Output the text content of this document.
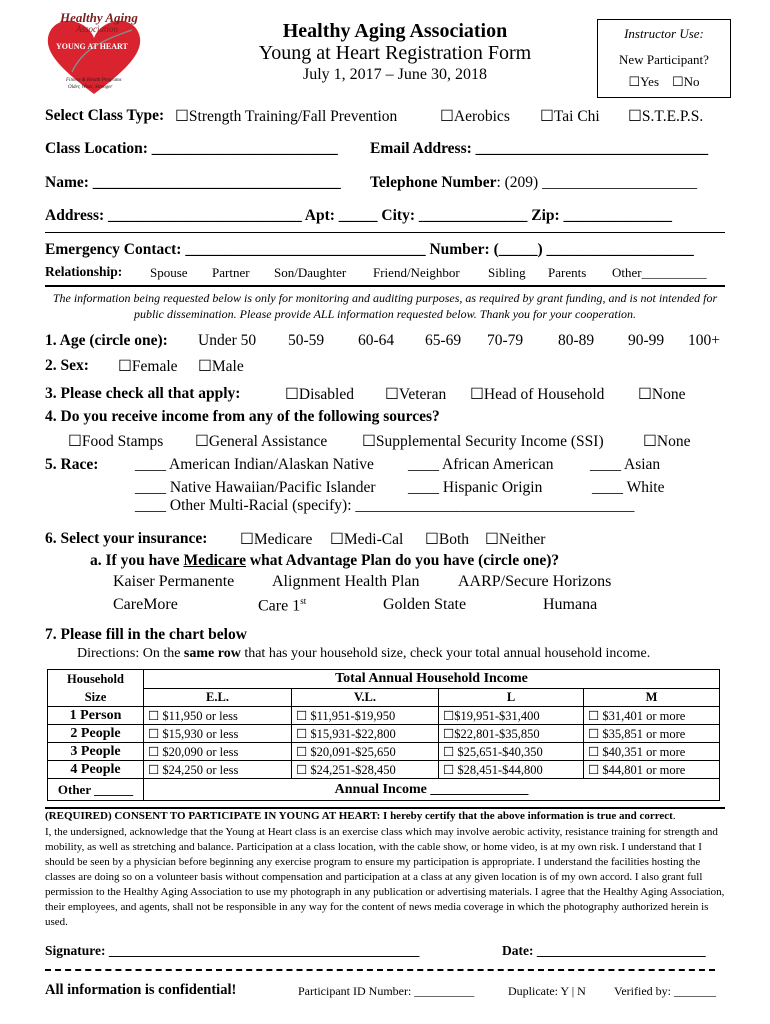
Healthy Aging
Association
YOUNG AT HEART
Fitness & Health Programs
Older, Wiser, Stronger
Healthy Aging Association
Young at Heart Registration Form
July 1, 2017 – June 30, 2018
Instructor Use:
New Participant?
☐Yes ☐No
Select Class Type: ☐Strength Training/Fall Prevention	☐Aerobics ☐Tai Chi ☐S.T.E.P.S.
Class Location: ________________________ Email Address: ______________________________
Name: ________________________________ Telephone Number: (209) ____________________
Address: _________________________ Apt: _____ City: ______________ Zip: ______________
Emergency Contact: _______________________________ Number: (_____) ___________________
Relationship: Spouse Partner Son/Daughter Friend/Neighbor Sibling Parents Other__________
The information being requested below is only for monitoring and auditing purposes, as required by grant funding, and is not intended for public dissemination. Please provide ALL information requested below. Thank you for your cooperation.
1. Age (circle one): Under 50 50-59 60-64 65-69 70-79 80-89 90-99 100+
2. Sex: ☐Female ☐Male
3. Please check all that apply:	☐Disabled ☐Veteran ☐Head of Household ☐None
4. Do you receive income from any of the following sources?
☐Food Stamps ☐General Assistance ☐Supplemental Security Income (SSI)	☐None
5. Race: ____ American Indian/Alaskan Native ____ African American ____ Asian
____ Native Hawaiian/Pacific Islander ____ Hispanic Origin	____ White
____ Other Multi-Racial (specify): ____________________________________
6. Select your insurance: ☐Medicare ☐Medi-Cal ☐Both ☐Neither
a. If you have Medicare what Advantage Plan do you have (circle one)?
Kaiser Permanente Alignment Health Plan AARP/Secure Horizons
CareMore	Care 1st	Golden State	Humana
7. Please fill in the chart below
Directions: On the same row that has your household size, check your total annual household income.
Household
Size	Total Annual Household Income			
	E.L.	V.L.	L	M
1 Person	☐ $11,950 or less	☐ $11,951-$19,950	☐$19,951-$31,400	☐ $31,401 or more
2 People	☐ $15,930 or less	☐ $15,931-$22,800	☐$22,801-$35,850	☐ $35,851 or more
3 People	☐ $20,090 or less	☐ $20,091-$25,650	☐ $25,651-$40,350	☐ $40,351 or more
4 People	☐ $24,250 or less	☐ $24,251-$28,450	☐ $28,451-$44,800	☐ $44,801 or more
Other ______	Annual Income ______________			
(REQUIRED) CONSENT TO PARTICIPATE IN YOUNG AT HEART: I hereby certify that the above information is true and correct.
I, the undersigned, acknowledge that the Young at Heart class is an exercise class which may involve aerobic activity, resistance training for strength and mobility, as well as stretching and balance. Participation at a class location, with the cable show, or home video, is at my own risk. I understand that I should be seen by a physician before beginning any exercise program to ensure my participation is appropriate. I understand the facilities hosting the classes are doing so on a volunteer basis without compensation and participation at a class at any given location is of my own accord. I also grant full permission to the Healthy Aging Association to use my photograph in any publication or advertising materials. I agree that the Healthy Aging Association, their employees, and agents, shall not be responsible in any way for the content of news media coverage in which the photography authorized herein is used.
Signature: ______________________________________________	Date: _________________________
All information is confidential!	Participant ID Number: __________	Duplicate: Y | N Verified by: _______
